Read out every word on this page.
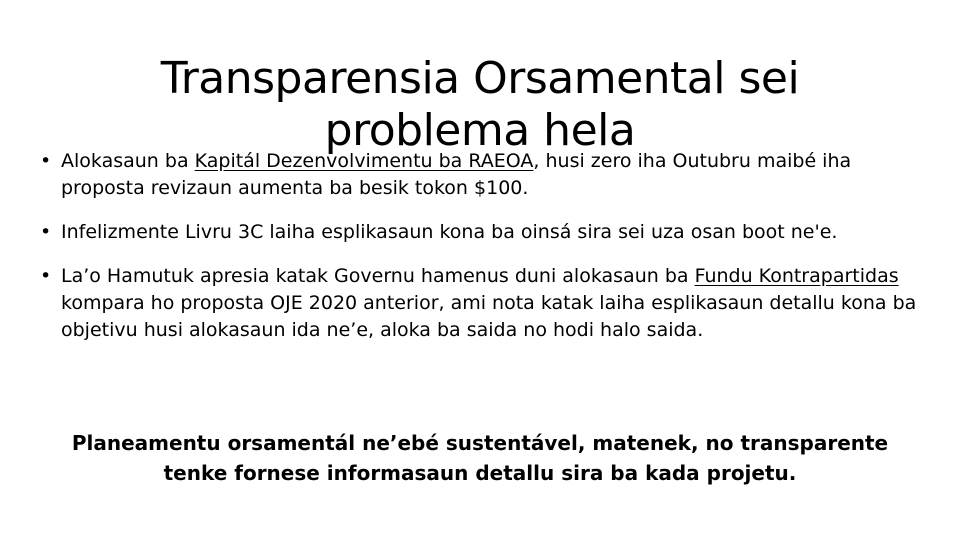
Transparensia Orsamental sei
problema hela
• Alokasaun ba Kapitál Dezenvolvimentu ba RAEOA, husi zero iha Outubru maibé iha proposta revizaun aumenta ba besik tokon $100.
• Infelizmente Livru 3C laiha esplikasaun kona ba oinsá sira sei uza osan boot ne'e.
• La’o Hamutuk apresia katak Governu hamenus duni alokasaun ba Fundu Kontrapartidas kompara ho proposta OJE 2020 anterior, ami nota katak laiha esplikasaun detallu kona ba objetivu husi alokasaun ida ne’e, aloka ba saida no hodi halo saida.
Planeamentu orsamentál ne’ebé sustentável, matenek, no transparente
tenke fornese informasaun detallu sira ba kada projetu.
